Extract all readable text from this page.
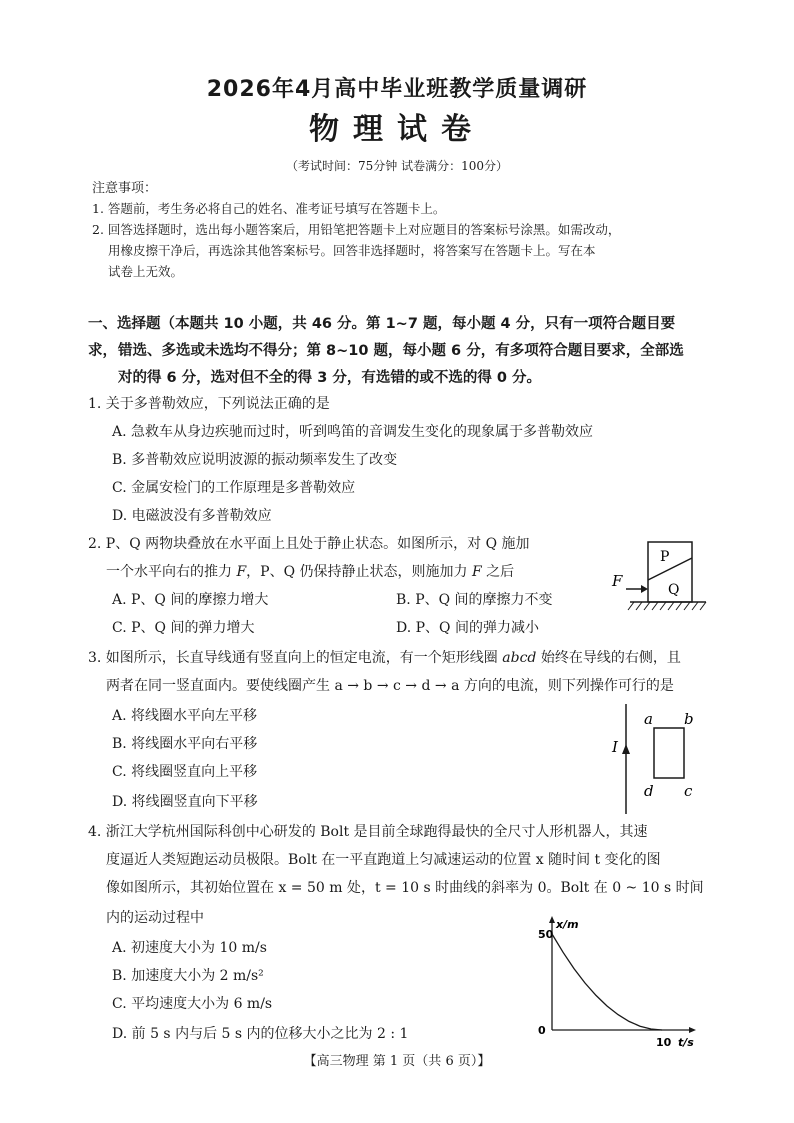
2026年4月高中毕业班教学质量调研
物理试卷
（考试时间：75分钟 试卷满分：100分）
注意事项：
1. 答题前，考生务必将自己的姓名、准考证号填写在答题卡上。
2. 回答选择题时，选出每小题答案后，用铅笔把答题卡上对应题目的答案标号涂黑。如需改动，
用橡皮擦干净后，再选涂其他答案标号。回答非选择题时，将答案写在答题卡上。写在本
试卷上无效。
一、选择题（本题共 10 小题，共 46 分。第 1~7 题，每小题 4 分，只有一项符合题目要求， 错选、多选或未选均不得分；第 8~10 题，每小题 6 分，有多项符合题目要求，全部选
对的得 6 分，选对但不全的得 3 分，有选错的或不选的得 0 分。
1. 关于多普勒效应，下列说法正确的是
A. 急救车从身边疾驰而过时，听到鸣笛的音调发生变化的现象属于多普勒效应
B. 多普勒效应说明波源的振动频率发生了改变
C. 金属安检门的工作原理是多普勒效应
D. 电磁波没有多普勒效应
2. P、Q 两物块叠放在水平面上且处于静止状态。如图所示，对 Q 施加
一个水平向右的推力 F，P、Q 仍保持静止状态，则施加力 F 之后
A. P、Q 间的摩擦力增大	B. P、Q 间的摩擦力不变
C. P、Q 间的弹力增大	D. P、Q 间的弹力减小
P
Q
F
3. 如图所示，长直导线通有竖直向上的恒定电流，有一个矩形线圈 abcd 始终在导线的右侧，且
两者在同一竖直面内。要使线圈产生 a → b → c → d → a 方向的电流，则下列操作可行的是
A. 将线圈水平向左平移
B. 将线圈水平向右平移
C. 将线圈竖直向上平移
D. 将线圈竖直向下平移
I
a b
c
d
4. 浙江大学杭州国际科创中心研发的 Bolt 是目前全球跑得最快的全尺寸人形机器人，其速
度逼近人类短跑运动员极限。Bolt 在一平直跑道上匀减速运动的位置 x 随时间 t 变化的图
像如图所示，其初始位置在 x = 50 m 处，t = 10 s 时曲线的斜率为 0。Bolt 在 0 ~ 10 s 时间
内的运动过程中
A. 初速度大小为 10 m/s
B. 加速度大小为 2 m/s²
C. 平均速度大小为 6 m/s
D. 前 5 s 内与后 5 s 内的位移大小之比为 2 : 1
50
0
10
x/m
t/s
【高三物理 第 1 页（共 6 页）】
